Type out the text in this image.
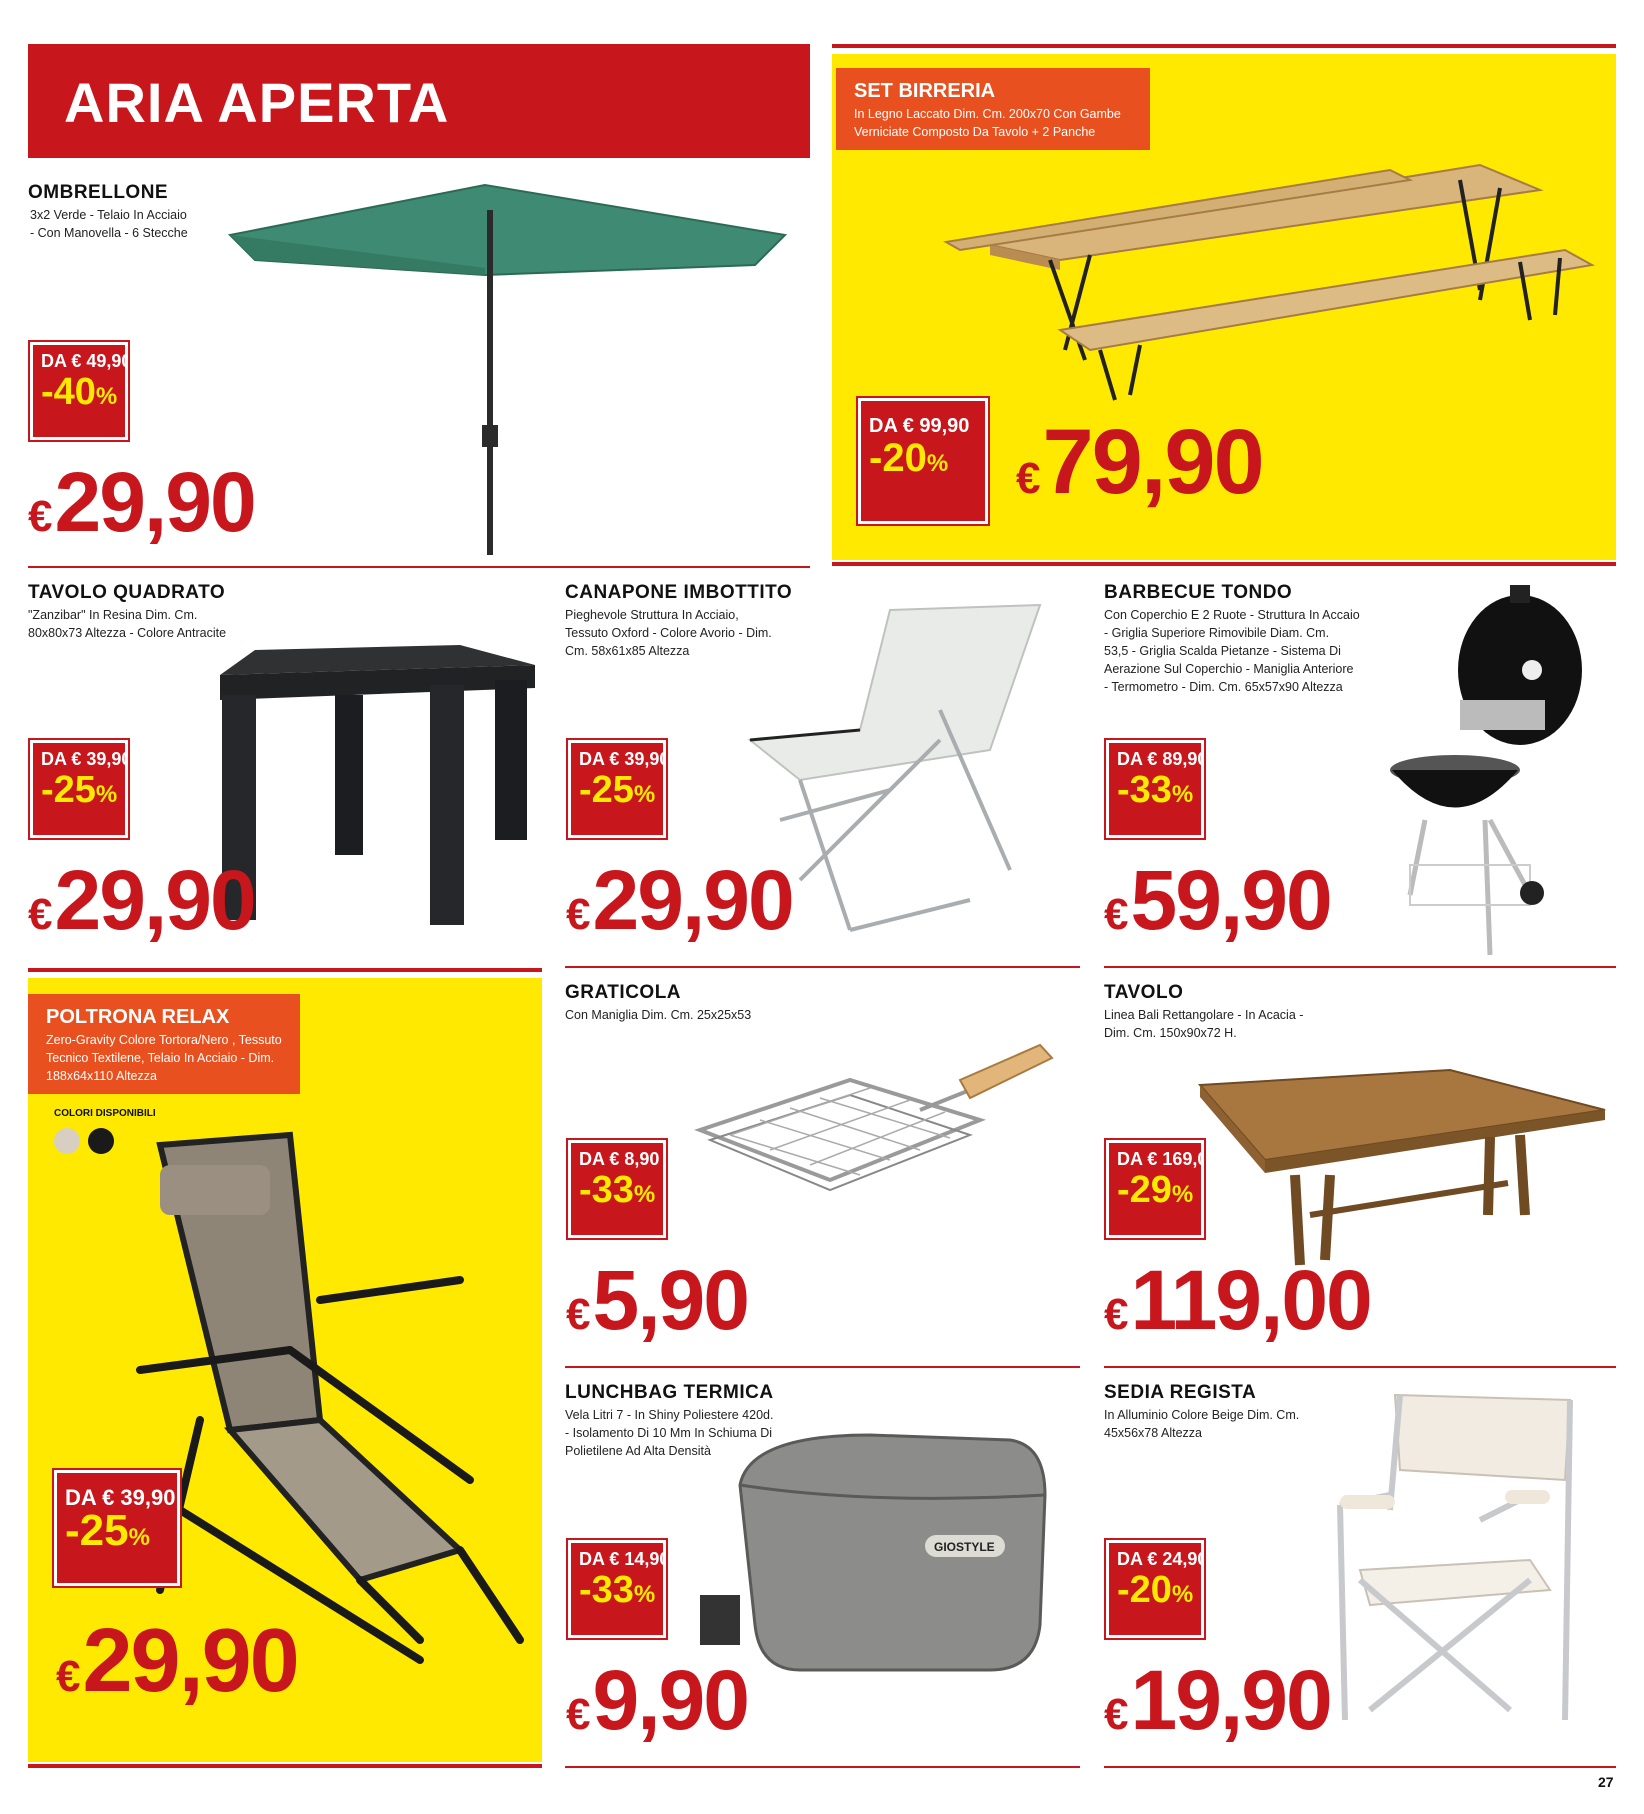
ARIA APERTA	SET BIRRERIA
In Legno Laccato Dim. Cm. 200x70 Con Gambe
Verniciate Composto Da Tavolo + 2 Panche
DA € 99,90
-20%	€79,90
OMBRELLONE
3x2 Verde - Telaio In Acciaio
- Con Manovella - 6 Stecche
DA € 49,90
-40%
€29,90
TAVOLO QUADRATO
"Zanzibar" In Resina Dim. Cm.
80x80x73 Altezza - Colore Antracite
DA € 39,90
-25%
€29,90
CANAPONE IMBOTTITO
Pieghevole Struttura In Acciaio,
Tessuto Oxford - Colore Avorio - Dim.
Cm. 58x61x85 Altezza
DA € 39,90
-25%
€29,90
BARBECUE TONDO
Con Coperchio E 2 Ruote - Struttura In Accaio
- Griglia Superiore Rimovibile Diam. Cm.
53,5 - Griglia Scalda Pietanze - Sistema Di
Aerazione Sul Coperchio - Maniglia Anteriore
- Termometro - Dim. Cm. 65x57x90 Altezza
DA € 89,90
-33%
€59,90
POLTRONA RELAX
Zero-Gravity Colore Tortora/Nero , Tessuto
Tecnico Textilene, Telaio In Acciaio - Dim.
188x64x110 Altezza
COLORI DISPONIBILI
DA € 39,90
-25%
€29,90
GRATICOLA
Con Maniglia Dim. Cm. 25x25x53
DA € 8,90
-33%
€5,90
TAVOLO
Linea Bali Rettangolare - In Acacia -
Dim. Cm. 150x90x72 H.
DA € 169,00
-29%
€119,00
LUNCHBAG TERMICA
Vela Litri 7 - In Shiny Poliestere 420d.
- Isolamento Di 10 Mm In Schiuma Di
Polietilene Ad Alta Densità
GIOSTYLE
DA € 14,90
-33%
€9,90
SEDIA REGISTA
In Alluminio Colore Beige Dim. Cm.
45x56x78 Altezza
DA € 24,90
-20%
€19,90
27
